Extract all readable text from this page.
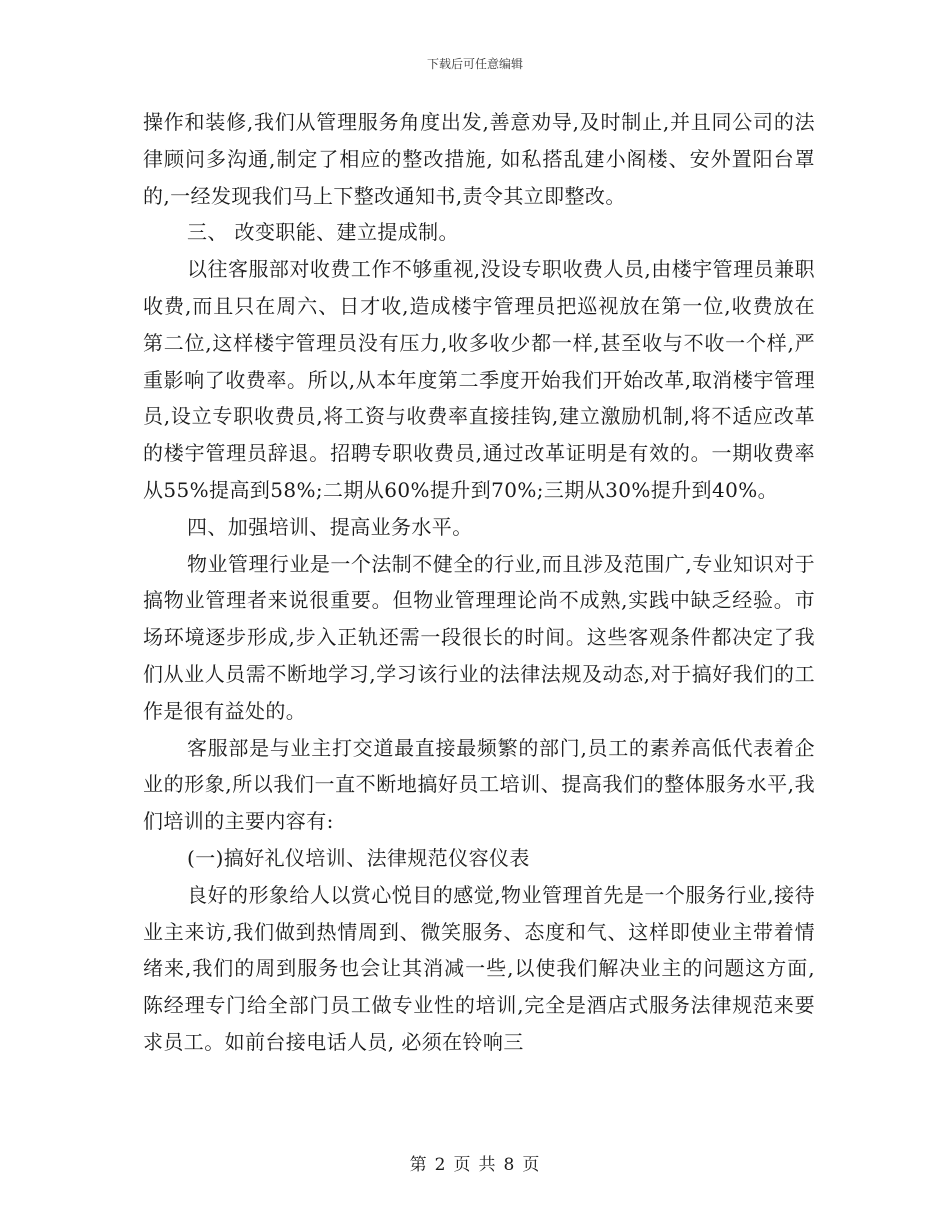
下载后可任意编辑

操作和装修,我们从管理服务角度出发,善意劝导,及时制止,并且同公司的法律顾问多沟通,制定了相应的整改措施, 如私搭乱建小阁楼、安外置阳台罩的,一经发现我们马上下整改通知书,责令其立即整改。

三、 改变职能、建立提成制。

以往客服部对收费工作不够重视,没设专职收费人员,由楼宇管理员兼职收费,而且只在周六、日才收,造成楼宇管理员把巡视放在第一位,收费放在第二位,这样楼宇管理员没有压力,收多收少都一样,甚至收与不收一个样,严重影响了收费率。所以,从本年度第二季度开始我们开始改革,取消楼宇管理员,设立专职收费员,将工资与收费率直接挂钩,建立激励机制,将不适应改革的楼宇管理员辞退。招聘专职收费员,通过改革证明是有效的。一期收费率从55%提高到58%;二期从60%提升到70%;三期从30%提升到40%。

四、加强培训、提高业务水平。

物业管理行业是一个法制不健全的行业,而且涉及范围广,专业知识对于搞物业管理者来说很重要。但物业管理理论尚不成熟,实践中缺乏经验。市场环境逐步形成,步入正轨还需一段很长的时间。这些客观条件都决定了我们从业人员需不断地学习,学习该行业的法律法规及动态,对于搞好我们的工作是很有益处的。

客服部是与业主打交道最直接最频繁的部门,员工的素养高低代表着企业的形象,所以我们一直不断地搞好员工培训、提高我们的整体服务水平,我们培训的主要内容有:

(一)搞好礼仪培训、法律规范仪容仪表

良好的形象给人以赏心悦目的感觉,物业管理首先是一个服务行业,接待业主来访,我们做到热情周到、微笑服务、态度和气、这样即使业主带着情绪来,我们的周到服务也会让其消减一些,以使我们解决业主的问题这方面,陈经理专门给全部门员工做专业性的培训,完全是酒店式服务法律规范来要求员工。如前台接电话人员, 必须在铃响三

第 2 页 共 8 页
